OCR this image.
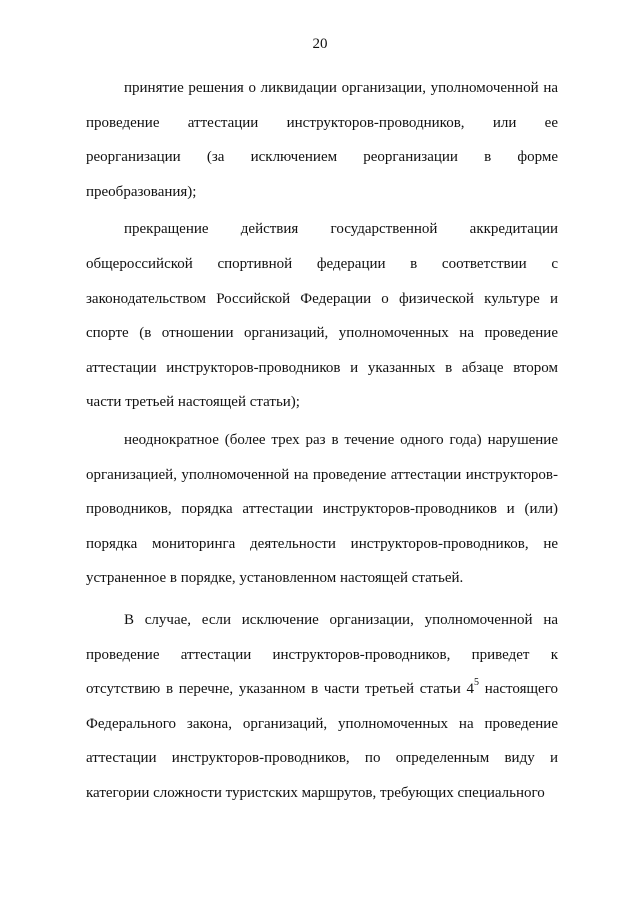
20

принятие решения о ликвидации организации, уполномоченной на проведение аттестации инструкторов-проводников, или ее реорганизации (за исключением реорганизации в форме преобразования);

прекращение действия государственной аккредитации общероссийской спортивной федерации в соответствии с законодательством Российской Федерации о физической культуре и спорте (в отношении организаций, уполномоченных на проведение аттестации инструкторов-проводников и указанных в абзаце втором части третьей настоящей статьи);

неоднократное (более трех раз в течение одного года) нарушение организацией, уполномоченной на проведение аттестации инструкторов-проводников, порядка аттестации инструкторов-проводников и (или) порядка мониторинга деятельности инструкторов-проводников, не устраненное в порядке, установленном настоящей статьей.

В случае, если исключение организации, уполномоченной на проведение аттестации инструкторов-проводников, приведет к отсутствию в перечне, указанном в части третьей статьи $4^5$ настоящего Федерального закона, организаций, уполномоченных на проведение аттестации инструкторов-проводников, по определенным виду и категории сложности туристских маршрутов, требующих специального
